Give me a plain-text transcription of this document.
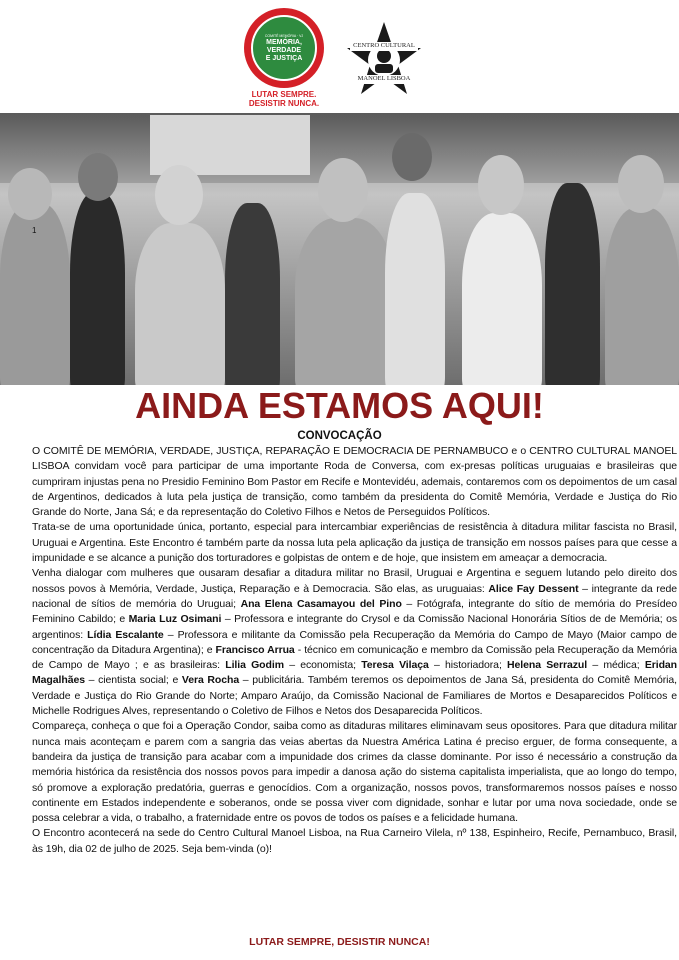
COMITÊ MEMÓRIA · VJ
MEMÓRIA,
VERDADE
E JUSTIÇA
LUTAR SEMPRE.
DESISTIR NUNCA.
CENTRO CULTURAL
MANOEL LISBOA
1
AINDA ESTAMOS AQUI!
CONVOCAÇÃO

O COMITÊ DE MEMÓRIA, VERDADE, JUSTIÇA, REPARAÇÃO E DEMOCRACIA DE PERNAMBUCO e o CENTRO CULTURAL MANOEL LISBOA convidam você para participar de uma importante Roda de Conversa, com ex-presas políticas uruguaias e brasileiras que cumpriram injustas pena no Presidio Feminino Bom Pastor em Recife e Montevidéu, ademais, contaremos com os depoimentos de um casal de Argentinos, dedicados à luta pela justiça de transição, como também da presidenta do Comitê Memória, Verdade e Justiça do Rio Grande do Norte, Jana Sá; e da representação do Coletivo Filhos e Netos de Perseguidos Políticos.

Trata-se de uma oportunidade única, portanto, especial para intercambiar experiências de resistência à ditadura militar fascista no Brasil, Uruguai e Argentina. Este Encontro é também parte da nossa luta pela aplicação da justiça de transição em nossos países para que cesse a impunidade e se alcance a punição dos torturadores e golpistas de ontem e de hoje, que insistem em ameaçar a democracia.

Venha dialogar com mulheres que ousaram desafiar a ditadura militar no Brasil, Uruguai e Argentina e seguem lutando pelo direito dos nossos povos à Memória, Verdade, Justiça, Reparação e à Democracia. São elas, as uruguaias: Alice Fay Dessent – integrante da rede nacional de sítios de memória do Uruguai; Ana Elena Casamayou del Pino – Fotógrafa, integrante do sítio de memória do Presídeo Feminino Cabildo; e Maria Luz Osimani – Professora e integrante do Crysol e da Comissão Nacional Honorária Sítios de de Memória; os argentinos: Lídia Escalante – Professora e militante da Comissão pela Recuperação da Memória do Campo de Mayo (Maior campo de concentração da Ditadura Argentina); e Francisco Arrua - técnico em comunicação e membro da Comissão pela Recuperação da Memória de Campo de Mayo ; e as brasileiras: Lilia Godim – economista; Teresa Vilaça – historiadora; Helena Serrazul – médica; Eridan Magalhães – cientista social; e Vera Rocha – publicitária. Também teremos os depoimentos de Jana Sá, presidenta do Comitê Memória, Verdade e Justiça do Rio Grande do Norte; Amparo Araújo, da Comissão Nacional de Familiares de Mortos e Desaparecidos Políticos e Michelle Rodrigues Alves, representando o Coletivo de Filhos e Netos dos Desaparecida Políticos.

Compareça, conheça o que foi a Operação Condor, saiba como as ditaduras militares eliminavam seus opositores. Para que ditadura militar nunca mais aconteçam e parem com a sangria das veias abertas da Nuestra América Latina é preciso erguer, de forma consequente, a bandeira da justiça de transição para acabar com a impunidade dos crimes da classe dominante. Por isso é necessário a construção da memória histórica da resistência dos nossos povos para impedir a danosa ação do sistema capitalista imperialista, que ao longo do tempo, só promove a exploração predatória, guerras e genocídios. Com a organização, nossos povos, transformaremos nossos países e nosso continente em Estados independente e soberanos, onde se possa viver com dignidade, sonhar e lutar por uma nova sociedade, onde se possa celebrar a vida, o trabalho, a fraternidade entre os povos de todos os países e a felicidade humana.

O Encontro acontecerá na sede do Centro Cultural Manoel Lisboa, na Rua Carneiro Vilela, nº 138, Espinheiro, Recife, Pernambuco, Brasil, às 19h, dia 02 de julho de 2025. Seja bem-vinda (o)!

LUTAR SEMPRE, DESISTIR NUNCA!
